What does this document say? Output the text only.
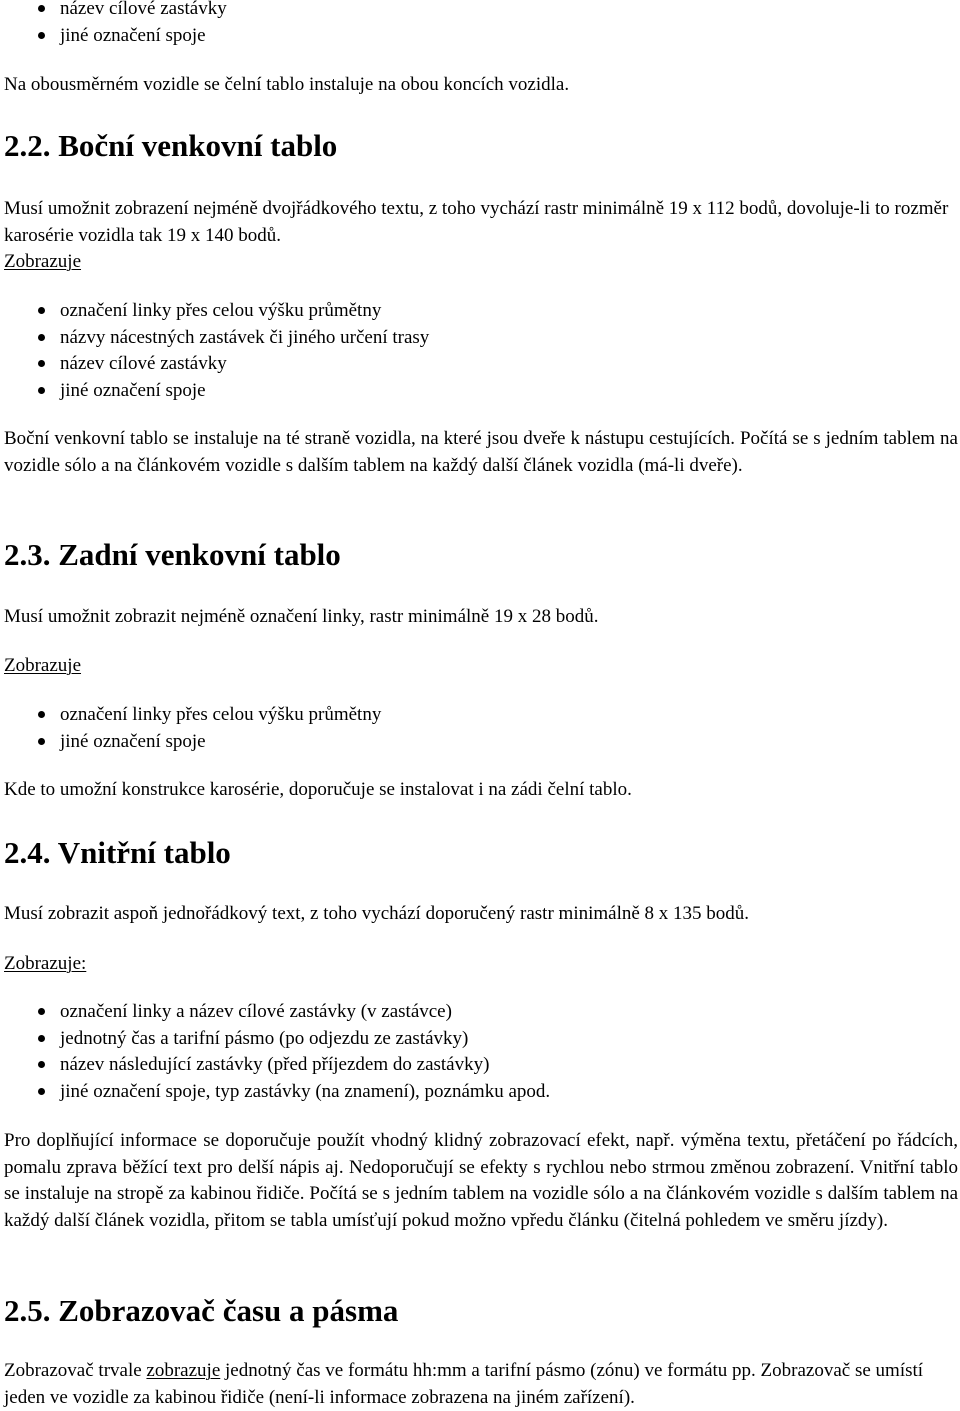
název cílové zastávky
jiné označení spoje

Na obousměrném vozidle se čelní tablo instaluje na obou koncích vozidla.

2.2. Boční venkovní tablo

Musí umožnit zobrazení nejméně dvojřádkového textu, z toho vychází rastr minimálně 19 x 112 bodů, dovoluje-li to rozměr karosérie vozidla tak 19 x 140 bodů.

Zobrazuje

označení linky přes celou výšku průmětny
názvy nácestných zastávek či jiného určení trasy
název cílové zastávky
jiné označení spoje

Boční venkovní tablo se instaluje na té straně vozidla, na které jsou dveře k nástupu cestujících. Počítá se s jedním tablem na vozidle sólo a na článkovém vozidle s dalším tablem na každý další článek vozidla (má-li dveře).

2.3. Zadní venkovní tablo

Musí umožnit zobrazit nejméně označení linky, rastr minimálně 19 x 28 bodů.

Zobrazuje

označení linky přes celou výšku průmětny
jiné označení spoje

Kde to umožní konstrukce karosérie, doporučuje se instalovat i na zádi čelní tablo.

2.4. Vnitřní tablo

Musí zobrazit aspoň jednořádkový text, z toho vychází doporučený rastr minimálně 8 x 135 bodů.

Zobrazuje:

označení linky a název cílové zastávky (v zastávce)
jednotný čas a tarifní pásmo (po odjezdu ze zastávky)
název následující zastávky (před příjezdem do zastávky)
jiné označení spoje, typ zastávky (na znamení), poznámku apod.

Pro doplňující informace se doporučuje použít vhodný klidný zobrazovací efekt, např. výměna textu, přetáčení po řádcích, pomalu zprava běžící text pro delší nápis aj. Nedoporučují se efekty s rychlou nebo strmou změnou zobrazení. Vnitřní tablo se instaluje na stropě za kabinou řidiče. Počítá se s jedním tablem na vozidle sólo a na článkovém vozidle s dalším tablem na každý další článek vozidla, přitom se tabla umísťují pokud možno vpředu článku (čitelná pohledem ve směru jízdy).

2.5. Zobrazovač času a pásma

Zobrazovač trvale zobrazuje jednotný čas ve formátu hh:mm a tarifní pásmo (zónu) ve formátu pp. Zobrazovač se umístí jeden ve vozidle za kabinou řidiče (není-li informace zobrazena na jiném zařízení).
